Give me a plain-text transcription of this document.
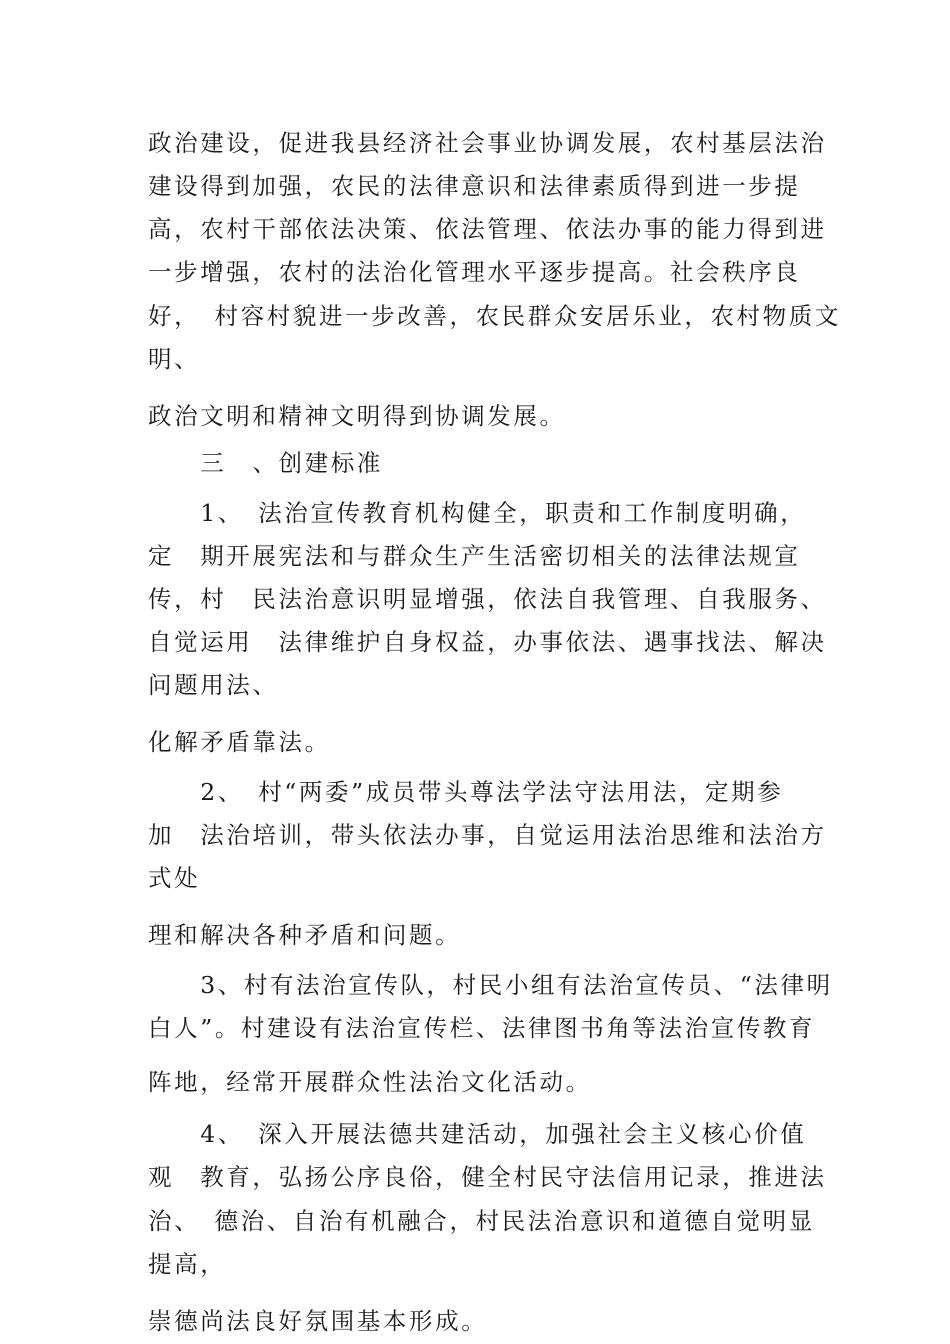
政治建设，促进我县经济社会事业协调发展，农村基层法治
建设得到加强，农民的法律意识和法律素质得到进一步提
高，农村干部依法决策、依法管理、依法办事的能力得到进
一步增强，农村的法治化管理水平逐步提高。社会秩序良
好，　村容村貌进一步改善，农民群众安居乐业，农村物质文
明、
政治文明和精神文明得到协调发展。
　　三　、创建标准
　　1、　法治宣传教育机构健全，职责和工作制度明确，
定　期开展宪法和与群众生产生活密切相关的法律法规宣
传，村　民法治意识明显增强，依法自我管理、自我服务、
自觉运用　法律维护自身权益，办事依法、遇事找法、解决
问题用法、
化解矛盾靠法。
　　2、　村“两委”成员带头尊法学法守法用法，定期参
加　法治培训，带头依法办事，自觉运用法治思维和法治方
式处
理和解决各种矛盾和问题。
　　3、村有法治宣传队，村民小组有法治宣传员、“法律明
白人”。村建设有法治宣传栏、法律图书角等法治宣传教育
阵地，经常开展群众性法治文化活动。
　　4、　深入开展法德共建活动，加强社会主义核心价值
观　教育，弘扬公序良俗，健全村民守法信用记录，推进法
治、　德治、自治有机融合，村民法治意识和道德自觉明显
提高，
崇德尚法良好氛围基本形成。
